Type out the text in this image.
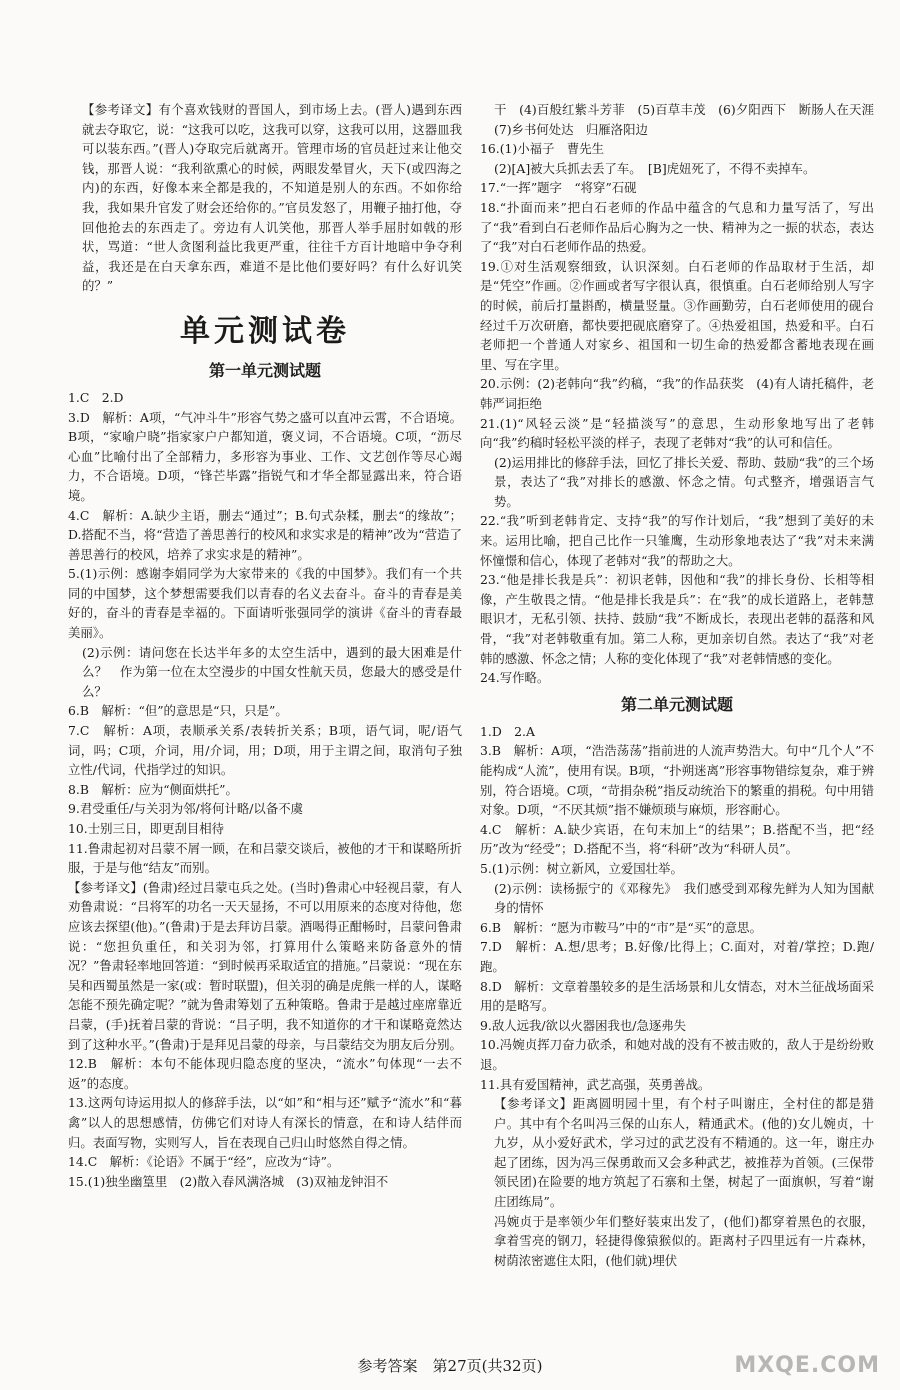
【参考译文】有个喜欢钱财的晋国人，到市场上去。(晋人)遇到东西就去夺取它，说：“这我可以吃，这我可以穿，这我可以用，这器皿我可以装东西。”(晋人)夺取完后就离开。管理市场的官员赶过来让他交钱，那晋人说：“我利欲熏心的时候，两眼发晕冒火，天下(或四海之内)的东西，好像本来全都是我的，不知道是别人的东西。不如你给我，我如果升官发了财会还给你的。”官员发怒了，用鞭子抽打他，夺回他抢去的东西走了。旁边有人讥笑他，那晋人举手屈肘如戟的形状，骂道：“世人贪图利益比我更严重，往往千方百计地暗中争夺利益，我还是在白天拿东西，难道不是比他们要好吗？有什么好讥笑的？”

单元测试卷
第一单元测试题

1.C　2.D

3.D　解析：A项，“气冲斗牛”形容气势之盛可以直冲云霄，不合语境。B项，“家喻户晓”指家家户户都知道，褒义词，不合语境。C项，“沥尽心血”比喻付出了全部精力，多形容为事业、工作、文艺创作等尽心竭力，不合语境。D项，“锋芒毕露”指锐气和才华全都显露出来，符合语境。

4.C　解析：A.缺少主语，删去“通过”；B.句式杂糅，删去“的缘故”；D.搭配不当，将“营造了善思善行的校风和求实求是的精神”改为“营造了善思善行的校风，培养了求实求是的精神”。

5.(1)示例：感谢李娟同学为大家带来的《我的中国梦》。我们有一个共同的中国梦，这个梦想需要我们以青春的名义去奋斗。奋斗的青春是美好的，奋斗的青春是幸福的。下面请听张强同学的演讲《奋斗的青春最美丽》。

(2)示例：请问您在长达半年多的太空生活中，遇到的最大困难是什么？　作为第一位在太空漫步的中国女性航天员，您最大的感受是什么？

6.B　解析：“但”的意思是“只，只是”。

7.C　解析：A项，表顺承关系/表转折关系；B项，语气词，呢/语气词，吗；C项，介词，用/介词，用；D项，用于主谓之间，取消句子独立性/代词，代指学过的知识。

8.B　解析：应为“侧面烘托”。

9.君受重任/与关羽为邻/将何计略/以备不虞

10.士别三日，即更刮目相待

11.鲁肃起初对吕蒙不屑一顾，在和吕蒙交谈后，被他的才干和谋略所折服，于是与他“结友”而别。

【参考译文】(鲁肃)经过吕蒙屯兵之处。(当时)鲁肃心中轻视吕蒙，有人劝鲁肃说：“吕将军的功名一天天显扬，不可以用原来的态度对待他，您应该去探望(他)。”(鲁肃)于是去拜访吕蒙。酒喝得正酣畅时，吕蒙问鲁肃说：“您担负重任，和关羽为邻，打算用什么策略来防备意外的情况？”鲁肃轻率地回答道：“到时候再采取适宜的措施。”吕蒙说：“现在东吴和西蜀虽然是一家(或：暂时联盟)，但关羽的确是虎熊一样的人，谋略怎能不预先确定呢？”就为鲁肃筹划了五种策略。鲁肃于是越过座席靠近吕蒙，(手)抚着吕蒙的背说：“吕子明，我不知道你的才干和谋略竟然达到了这种水平。”(鲁肃)于是拜见吕蒙的母亲，与吕蒙结交为朋友后分别。

12.B　解析：本句不能体现归隐态度的坚决，“流水”句体现“一去不返”的态度。

13.这两句诗运用拟人的修辞手法，以“如”和“相与还”赋予“流水”和“暮禽”以人的思想感情，仿佛它们对诗人有深长的情意，在和诗人结伴而归。表面写物，实则写人，旨在表现自己归山时悠然自得之情。

14.C　解析：《论语》不属于“经”，应改为“诗”。

15.(1)独坐幽篁里　(2)散入春风满洛城　(3)双袖龙钟泪不

干　(4)百般红紫斗芳菲　(5)百草丰茂　(6)夕阳西下　断肠人在天涯　(7)乡书何处达　归雁洛阳边

16.(1)小福子　曹先生

(2)[A]被大兵抓去丢了车。　[B]虎妞死了，不得不卖掉车。

17.“一挥”题字　“将穿”石砚

18.“扑面而来”把白石老师的作品中蕴含的气息和力量写活了，写出了“我”看到白石老师作品后心胸为之一快、精神为之一振的状态，表达了“我”对白石老师作品的热爱。

19.①对生活观察细致，认识深刻。白石老师的作品取材于生活，却是“凭空”作画。②作画或者写字很认真，很慎重。白石老师给别人写字的时候，前后打量斟酌，横量竖量。③作画勤劳，白石老师使用的砚台经过千万次研磨，都快要把砚底磨穿了。④热爱祖国，热爱和平。白石老师把一个普通人对家乡、祖国和一切生命的热爱都含蓄地表现在画里、写在字里。

20.示例：(2)老韩向“我”约稿，“我”的作品获奖　(4)有人请托稿件，老韩严词拒绝

21.(1)“风轻云淡”是“轻描淡写”的意思，生动形象地写出了老韩向“我”约稿时轻松平淡的样子，表现了老韩对“我”的认可和信任。

(2)运用排比的修辞手法，回忆了排长关爱、帮助、鼓励“我”的三个场景，表达了“我”对排长的感激、怀念之情。句式整齐，增强语言气势。

22.“我”听到老韩肯定、支持“我”的写作计划后，“我”想到了美好的未来。运用比喻，把自己比作一只雏鹰，生动形象地表达了“我”对未来满怀憧憬和信心，体现了老韩对“我”的帮助之大。

23.“他是排长我是兵”：初识老韩，因他和“我”的排长身份、长相等相像，产生敬畏之情。“他是排长我是兵”：在“我”的成长道路上，老韩慧眼识才，无私引领、扶持、鼓励“我”不断成长，表现出老韩的磊落和风骨，“我”对老韩敬重有加。第二人称，更加亲切自然。表达了“我”对老韩的感激、怀念之情；人称的变化体现了“我”对老韩情感的变化。

24.写作略。

第二单元测试题

1.D　2.A

3.B　解析：A项，“浩浩荡荡”指前进的人流声势浩大。句中“几个人”不能构成“人流”，使用有误。B项，“扑朔迷离”形容事物错综复杂，难于辨别，符合语境。C项，“苛捐杂税”指反动统治下的繁重的捐税。句中用错对象。D项，“不厌其烦”指不嫌烦琐与麻烦，形容耐心。

4.C　解析：A.缺少宾语，在句末加上“的结果”；B.搭配不当，把“经历”改为“经受”；D.搭配不当，将“科研”改为“科研人员”。

5.(1)示例：树立新风，立爱国壮举。

(2)示例：读杨振宁的《邓稼先》　我们感受到邓稼先鲜为人知为国献身的情怀

6.B　解析：“愿为市鞍马”中的“市”是“买”的意思。

7.D　解析：A.想/思考；B.好像/比得上；C.面对，对着/掌控；D.跑/跑。

8.D　解析：文章着墨较多的是生活场景和儿女情态，对木兰征战场面采用的是略写。

9.敌人远我/欲以火器困我也/急逐弗失

10.冯婉贞挥刀奋力砍杀，和她对战的没有不被击败的，敌人于是纷纷败退。

11.具有爱国精神，武艺高强，英勇善战。

【参考译文】距离圆明园十里，有个村子叫谢庄，全村住的都是猎户。其中有个名叫冯三保的山东人，精通武术。(他的)女儿婉贞，十九岁，从小爱好武术，学习过的武艺没有不精通的。这一年，谢庄办起了团练，因为冯三保勇敢而又会多种武艺，被推荐为首领。(三保带领民团)在险要的地方筑起了石寨和土堡，树起了一面旗帜，写着“谢庄团练局”。

冯婉贞于是率领少年们整好装束出发了，(他们)都穿着黑色的衣服，拿着雪亮的钢刀，轻捷得像猿猴似的。距离村子四里远有一片森林，树荫浓密遮住太阳，(他们就)埋伏

参考答案　第27页(共32页)	MXQE.COM
